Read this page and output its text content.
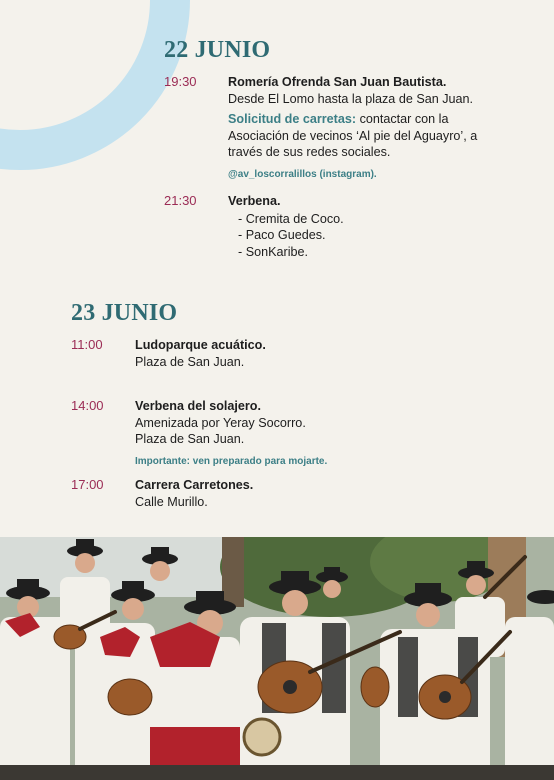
22 JUNIO
19:30 Romería Ofrenda San Juan Bautista.
Desde El Lomo hasta la plaza de San Juan.
Solicitud de carretas: contactar con la
Asociación de vecinos ‘Al pie del Aguayro’, a
través de sus redes sociales.
@av_loscorralillos (instagram).
21:30 Verbena.
- Cremita de Coco.
- Paco Guedes.
- SonKaribe.
23 JUNIO
11:00	Ludoparque acuático.
Plaza de San Juan.
14:00 Verbena del solajero.
Amenizada por Yeray Socorro.
Plaza de San Juan.
Importante: ven preparado para mojarte.
17:00 Carrera Carretones.
Calle Murillo.
